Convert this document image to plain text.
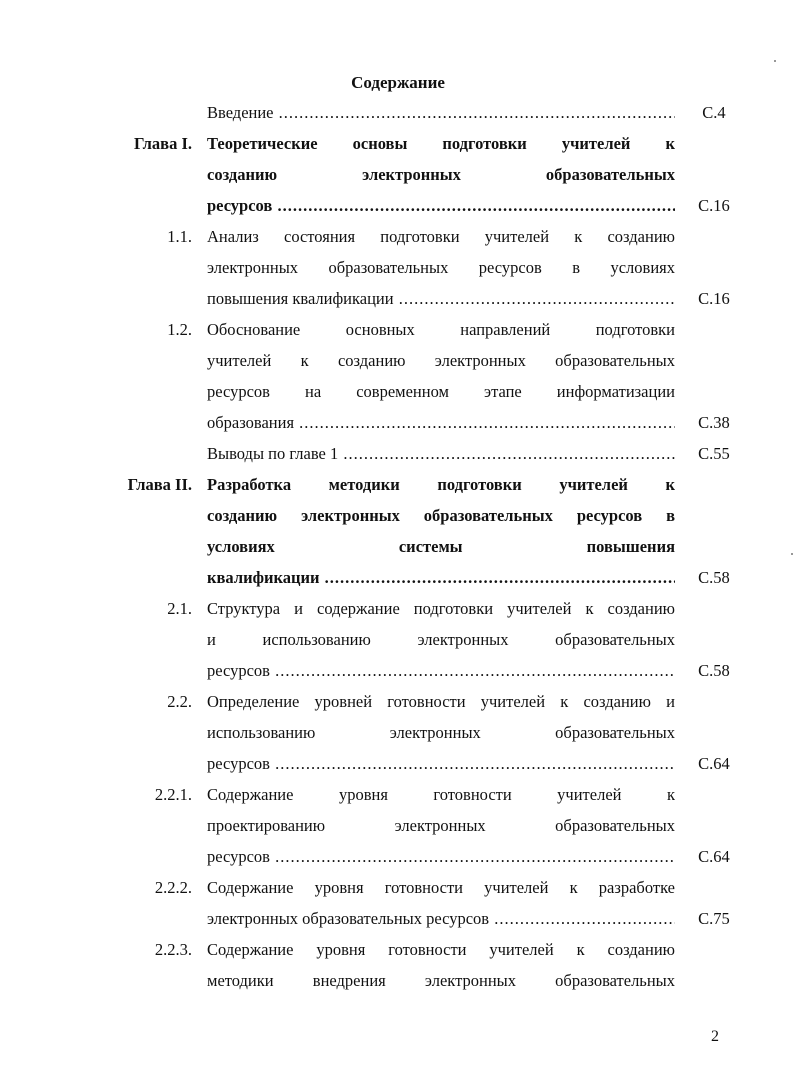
Содержание
Введение .....	С.4
Глава I. Теоретические основы подготовки учителей к
созданию электронных образовательных
ресурсов .....	С.16
1.1. Анализ состояния подготовки учителей к созданию
электронных образовательных ресурсов в условиях
повышения квалификации .....	С.16
1.2. Обоснование основных направлений подготовки
учителей к созданию электронных образовательных
ресурсов на современном этапе информатизации
образования .....	С.38
Выводы по главе 1 .....	С.55
Глава II. Разработка методики подготовки учителей к
созданию электронных образовательных ресурсов в
условиях системы повышения
квалификации .....	С.58
2.1. Структура и содержание подготовки учителей к созданию
и использованию электронных образовательных
ресурсов .....	С.58
2.2. Определение уровней готовности учителей к созданию и
использованию электронных образовательных
ресурсов .....	С.64
2.2.1. Содержание уровня готовности учителей к
проектированию электронных образовательных
ресурсов .....	С.64
2.2.2. Содержание уровня готовности учителей к разработке
электронных образовательных ресурсов .....	С.75
2.2.3. Содержание уровня готовности учителей к созданию
методики внедрения электронных образовательных
2
